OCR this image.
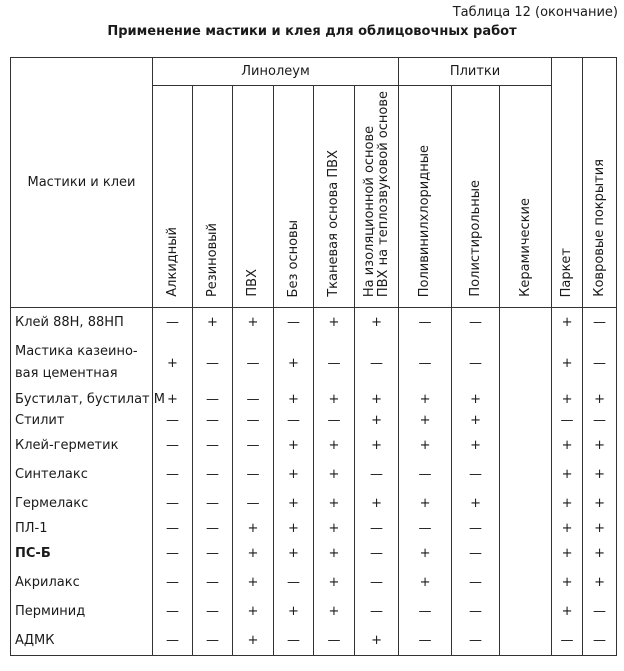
Таблица 12 (окончание)
Применение мастики и клея для облицовочных работ
Мастики и клеи	Линолеум						Плитки			Паркет	Ковровые покрытия
	Алкидный	Резиновый	ПВХ	Без основы	Тканевая основа ПВХ	На изоляционной основе
ПВХ на теплозвуковой основе	Поливинилхлоридные	Полистирольные	Керамические		
Клей 88Н, 88НП	—	+	+	—	+	+	—	—		+	—
Мастика казеино-
вая цементная	+	—	—	+	—	—	—	—		+	—
Бустилат, бустилат М	+	—	—	+	+	+	+	+		+	+
Стилит	—	—	—	—	—	+	+	+		—	—
Клей-герметик	—	—	—	+	+	+	+	+		+	+
Синтелакс	—	—	—	+	+	—	—	—		+	+
Гермелакс	—	—	—	+	+	+	+	+		+	+
ПЛ-1	—	—	+	+	+	—	—	—		+	+
ПС-Б	—	—	+	+	+	—	+	—		+	+
Акрилакс	—	—	+	—	+	—	+	—		+	+
Перминид	—	—	+	+	+	—	—	—		+	—
АДМК	—	—	+	—	—	+	—	—		—	—
